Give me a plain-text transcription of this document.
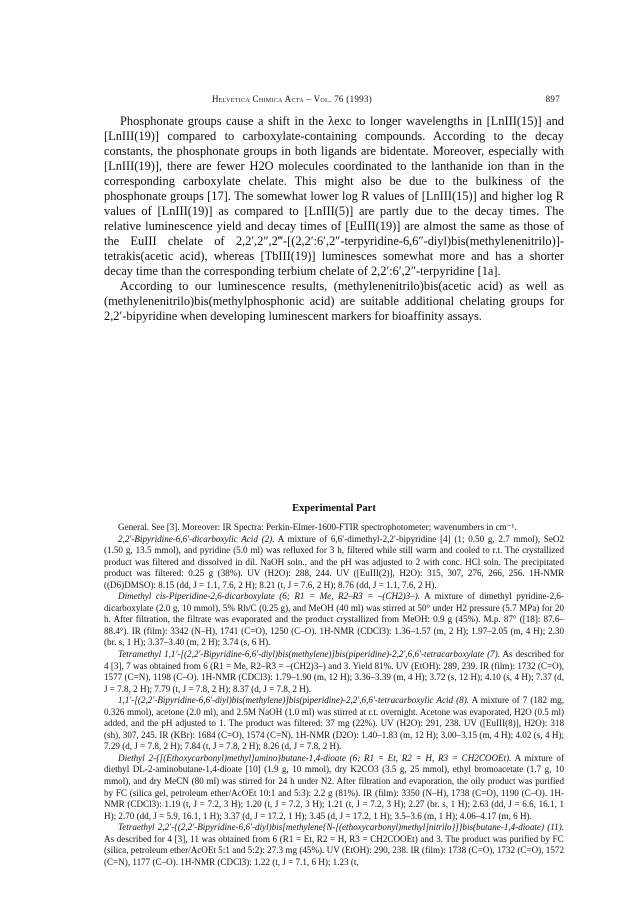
Helvetica Chimica Acta – Vol. 76 (1993)	897

Phosphonate groups cause a shift in the λexc to longer wavelengths in [LnIII(15)] and [LnIII(19)] compared to carboxylate-containing compounds. According to the decay constants, the phosphonate groups in both ligands are bidentate. Moreover, especially with [LnIII(19)], there are fewer H2O molecules coordinated to the lanthanide ion than in the corresponding carboxylate chelate. This might also be due to the bulkiness of the phosphonate groups [17]. The somewhat lower log R values of [LnIII(15)] and higher log R values of [LnIII(19)] as compared to [LnIII(5)] are partly due to the decay times. The relative luminescence yield and decay times of [EuIII(19)] are almost the same as those of the EuIII chelate of 2,2′,2″,2‴-[(2,2′:6′,2″-terpyridine-6,6″-diyl)bis(methylenenitrilo)]-tetrakis(acetic acid), whereas [TbIII(19)] luminesces somewhat more and has a shorter decay time than the corresponding terbium chelate of 2,2′:6′,2″-terpyridine [1a].

According to our luminescence results, (methylenenitrilo)bis(acetic acid) as well as (methylenenitrilo)bis(methylphosphonic acid) are suitable additional chelating groups for 2,2′-bipyridine when developing luminescent markers for bioaffinity assays.

Experimental Part

General. See [3]. Moreover: IR Spectra: Perkin-Elmer-1600-FTIR spectrophotometer; wavenumbers in cm⁻¹.

2,2′-Bipyridine-6,6′-dicarboxylic Acid (2). A mixture of 6,6′-dimethyl-2,2′-bipyridine [4] (1; 0.50 g, 2.7 mmol), SeO2 (1.50 g, 13.5 mmol), and pyridine (5.0 ml) was refluxed for 3 h, filtered while still warm and cooled to r.t. The crystallized product was filtered and dissolved in dil. NaOH soln., and the pH was adjusted to 2 with conc. HCl soln. The precipitated product was filtered: 0.25 g (38%). UV (H2O): 288, 244. UV ([EuIII(2)], H2O): 315, 307, 276, 266, 256. 1H-NMR ((D6)DMSO): 8.15 (dd, J = 1.1, 7.6, 2 H); 8.21 (t, J = 7.6, 2 H); 8.76 (dd, J = 1.1, 7.6, 2 H).

Dimethyl cis-Piperidine-2,6-dicarboxylate (6; R1 = Me, R2–R3 = –(CH2)3–). A mixture of dimethyl pyridine-2,6-dicarboxylate (2.0 g, 10 mmol), 5% Rh/C (0.25 g), and MeOH (40 ml) was stirred at 50° under H2 pressure (5.7 MPa) for 20 h. After filtration, the filtrate was evaporated and the product crystallized from MeOH: 0.9 g (45%). M.p. 87° ([18]: 87.6–88.4°). IR (film): 3342 (N–H), 1741 (C=O), 1250 (C–O). 1H-NMR (CDCl3): 1.36–1.57 (m, 2 H); 1.97–2.05 (m, 4 H); 2.30 (br. s, 1 H); 3.37–3.40 (m, 2 H); 3.74 (s, 6 H).

Tetramethyl 1,1′-[(2,2′-Bipyridine-6,6′-diyl)bis(methylene)]bis(piperidine)-2,2′,6,6′-tetracarboxylate (7). As described for 4 [3], 7 was obtained from 6 (R1 = Me, R2–R3 = –(CH2)3–) and 3. Yield 81%. UV (EtOH): 289, 239. IR (film): 1732 (C=O), 1577 (C=N), 1198 (C–O). 1H-NMR (CDCl3): 1.79–1.90 (m, 12 H); 3.36–3.39 (m, 4 H); 3.72 (s, 12 H); 4.10 (s, 4 H); 7.37 (d, J = 7.8, 2 H); 7.79 (t, J = 7.8, 2 H); 8.37 (d, J = 7.8, 2 H).

1,1′-[(2,2′-Bipyridine-6,6′-diyl)bis(methylene)]bis(piperidine)-2,2′,6,6′-tetracarboxylic Acid (8). A mixture of 7 (182 mg, 0.326 mmol), acetone (2.0 ml), and 2.5M NaOH (1.0 ml) was stirred at r.t. overnight. Acetone was evaporated, H2O (0.5 ml) added, and the pH adjusted to 1. The product was filtered: 37 mg (22%). UV (H2O): 291, 238. UV ([EuIII(8)], H2O): 318 (sh), 307, 245. IR (KBr): 1684 (C=O), 1574 (C=N). 1H-NMR (D2O): 1.40–1.83 (m, 12 H); 3.00–3.15 (m, 4 H); 4.02 (s, 4 H); 7.29 (d, J = 7.8, 2 H); 7.84 (t, J = 7.8, 2 H); 8.26 (d, J = 7.8, 2 H).

Diethyl 2-{[(Ethoxycarbonyl)methyl]amino}butane-1,4-dioate (6; R1 = Et, R2 = H, R3 = CH2COOEt). A mixture of diethyl DL-2-aminobutane-1,4-dioate [10] (1.9 g, 10 mmol), dry K2CO3 (3.5 g, 25 mmol), ethyl bromoacetate (1.7 g, 10 mmol), and dry MeCN (80 ml) was stirred for 24 h under N2. After filtration and evaporation, the oily product was purified by FC (silica gel, petroleum ether/AcOEt 10:1 and 5:3): 2.2 g (81%). IR (film): 3350 (N–H), 1738 (C=O), 1190 (C–O). 1H-NMR (CDCl3): 1.19 (t, J = 7.2, 3 H); 1.20 (t, J = 7.2, 3 H); 1.21 (t, J = 7.2, 3 H); 2.27 (br. s, 1 H); 2.63 (dd, J = 6.6, 16.1, 1 H); 2.70 (dd, J = 5.9, 16.1, 1 H); 3.37 (d, J = 17.2, 1 H); 3.45 (d, J = 17.2, 1 H); 3.5–3.6 (m, 1 H); 4.06–4.17 (m, 6 H).

Tetraethyl 2,2′-{(2,2′-Bipyridine-6,6′-diyl)bis[methylene{N-[(ethoxycarbonyl)methyl]nitrilo}]}bis(butane-1,4-dioate) (11). As described for 4 [3], 11 was obtained from 6 (R1 = Et, R2 = H, R3 = CH2COOEt) and 3. The product was purified by FC (silica, petroleum ether/AcOEt 5:1 and 5:2): 27.3 mg (45%). UV (EtOH): 290, 238. IR (film): 1738 (C=O), 1732 (C=O), 1572 (C=N), 1177 (C–O). 1H-NMR (CDCl3): 1.22 (t, J = 7.1, 6 H); 1.23 (t,
